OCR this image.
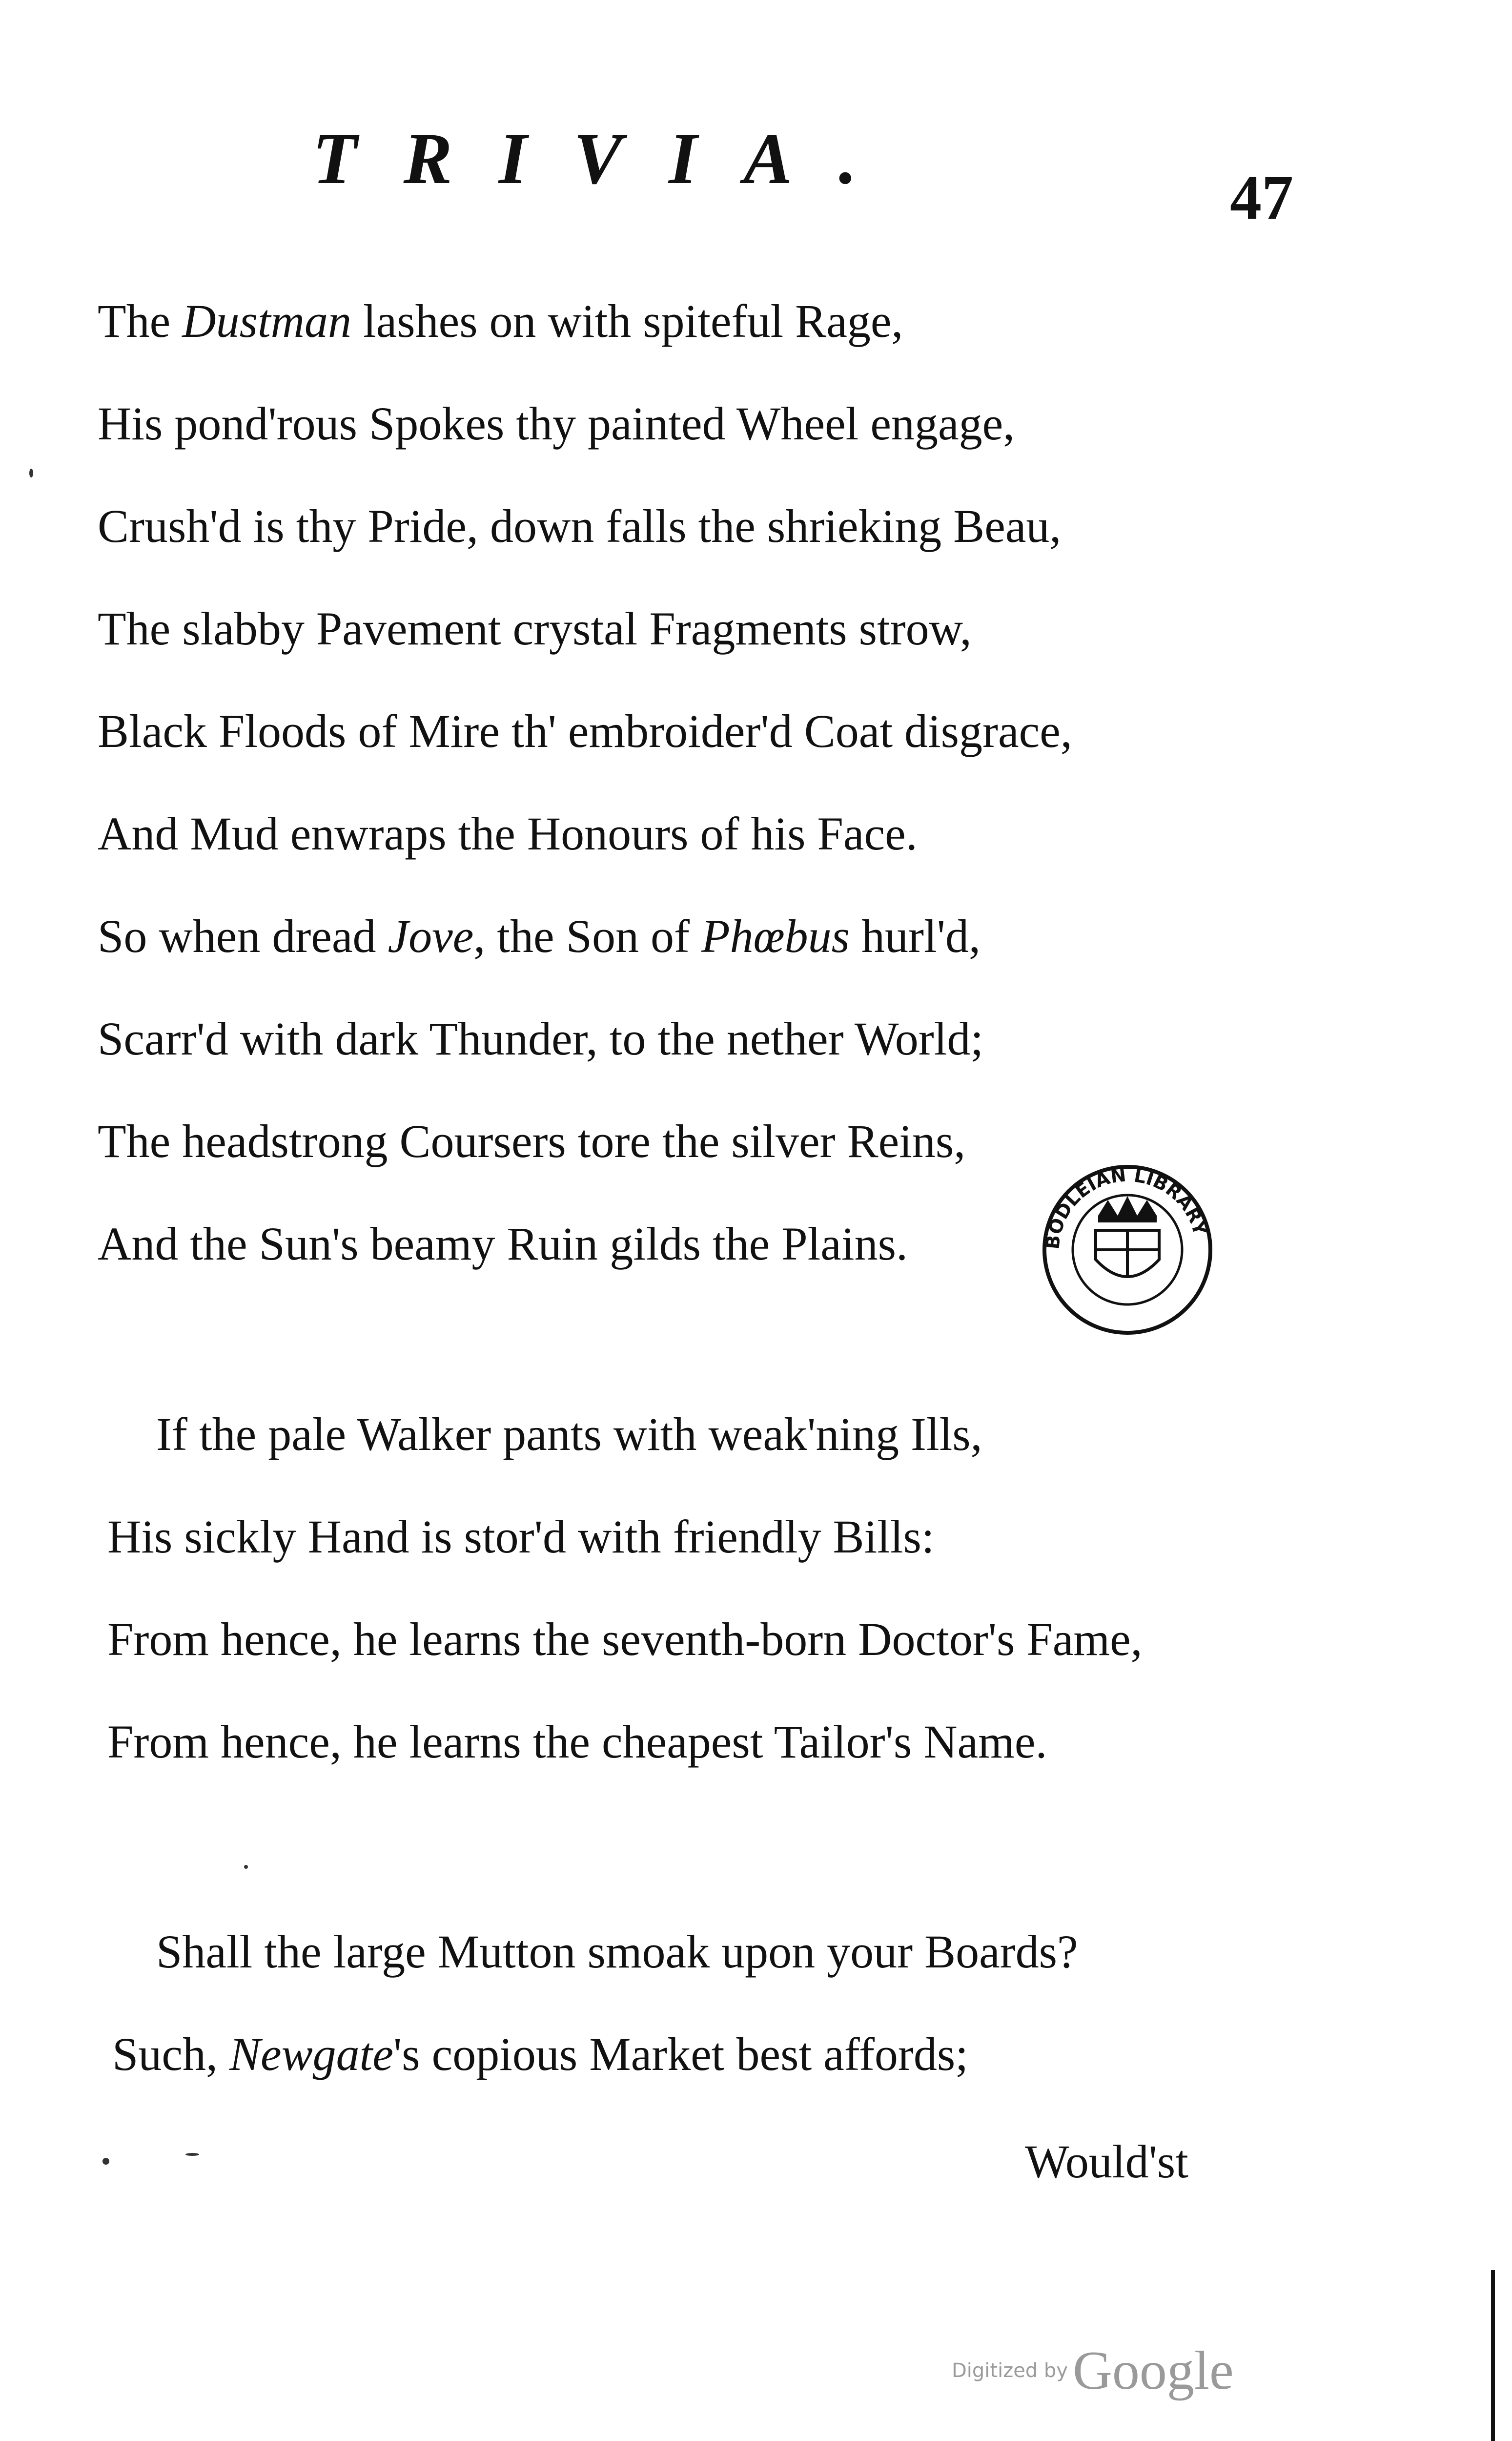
TRIVIA.	47
The Dustman lashes on with spiteful Rage,
His pond'rous Spokes thy painted Wheel engage,
Crush'd is thy Pride, down falls the shrieking Beau,
The slabby Pavement crystal Fragments strow,
Black Floods of Mire th' embroider'd Coat disgrace,
And Mud enwraps the Honours of his Face.
So when dread Jove, the Son of Phœbus hurl'd,
Scarr'd with dark Thunder, to the nether World;
The headstrong Coursers tore the silver Reins,
And the Sun's beamy Ruin gilds the Plains.	BODLEIAN LIBRARY
If the pale Walker pants with weak'ning Ills,
His sickly Hand is stor'd with friendly Bills:
From hence, he learns the seventh-born Doctor's Fame,
From hence, he learns the cheapest Tailor's Name.
Shall the large Mutton smoak upon your Boards?
Such, Newgate's copious Market best affords;
Would'st
Digitized byGoogle
